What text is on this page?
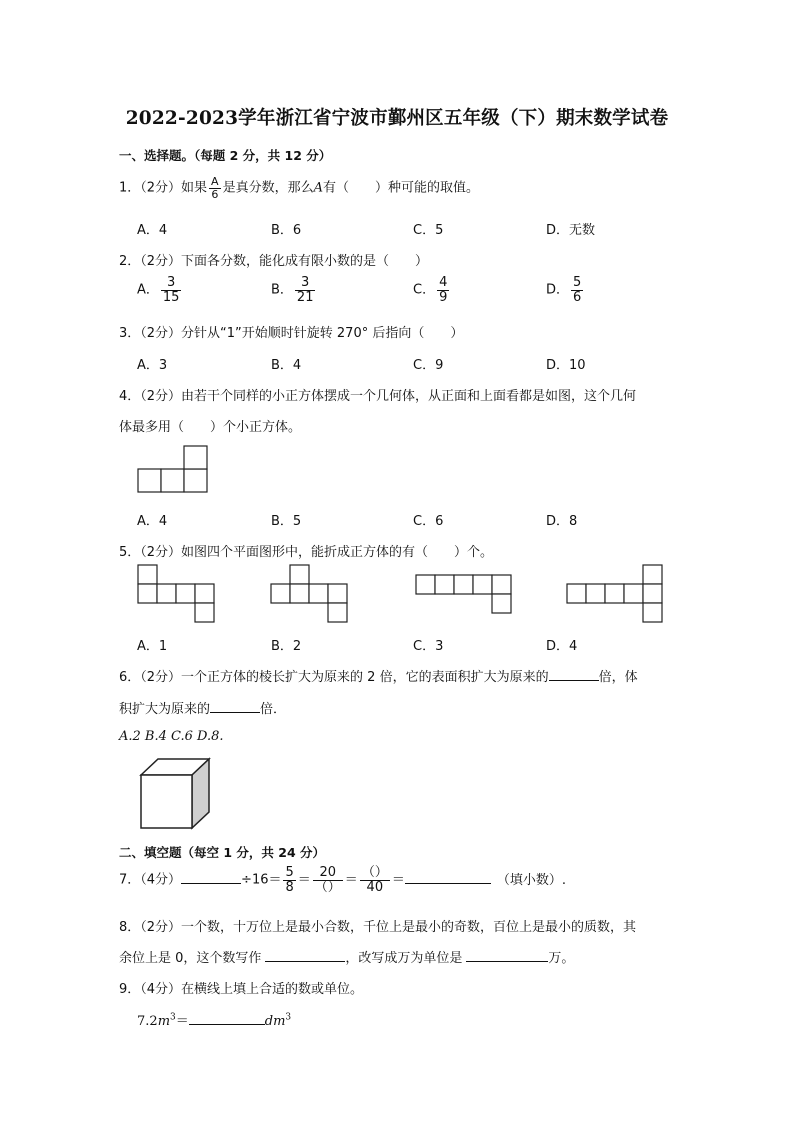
2022-2023学年浙江省宁波市鄞州区五年级（下）期末数学试卷
一、选择题。（每题 2 分，共 12 分）
1．（2分）如果 $\frac{A}{6}$ 是真分数，那么A有（　　）种可能的取值。
A．4	B．6	C．5	D．无数
2．（2分）下面各分数，能化成有限小数的是（　　）
A． $\frac{3}{15}$	B． $\frac{3}{21}$	C． $\frac{4}{9}$	D． $\frac{5}{6}$
3．（2分）分针从“1”开始顺时针旋转 270° 后指向（　　）
A．3	B．4	C．9	D．10
4．（2分）由若干个同样的小正方体摆成一个几何体，从正面和上面看都是如图，这个几何
体最多用（　　）个小正方体。
A．4	B．5	C．6	D．8
5．（2分）如图四个平面图形中，能折成正方体的有（　　）个。
A．1	B．2	C．3	D．4
6．（2分）一个正方体的棱长扩大为原来的 2 倍，它的表面积扩大为原来的	倍，体
积扩大为原来的	倍．
A.2 B.4 C.6 D.8.
二、填空题（每空 1 分，共 24 分）
7．（4分）	$\div 16= \frac{5}{8} = \frac{20}{()} = \frac{()}{40}$ ＝	（填小数）.
8．（2分）一个数，十万位上是最小合数，千位上是最小的奇数，百位上是最小的质数，其
余位上是 0，这个数写作	，改写成万为单位是	万。
9．（4分）在横线上填上合适的数或单位。
$7.2m^3=$	$dm^3$
